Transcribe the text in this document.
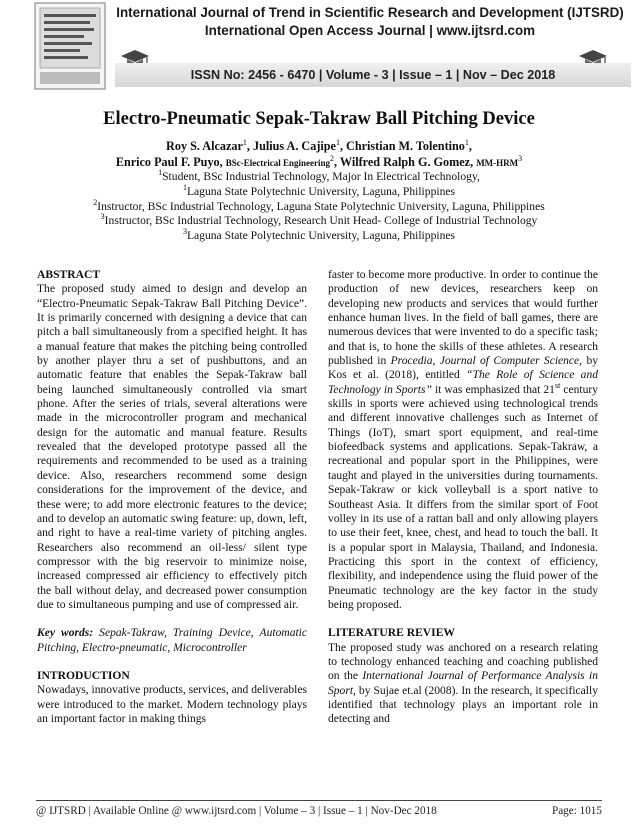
International Journal of Trend in Scientific Research and Development (IJTSRD)
International Open Access Journal | www.ijtsrd.com
ISSN No: 2456 - 6470 | Volume - 3 | Issue – 1 | Nov – Dec 2018
Electro-Pneumatic Sepak-Takraw Ball Pitching Device
Roy S. Alcazar$^1$, Julius A. Cajipe$^1$, Christian M. Tolentino$^1$,
Enrico Paul F. Puyo, BSc-Electrical Engineering$^2$, Wilfred Ralph G. Gomez, MM-HRM$^3$
$^1$Student, BSc Industrial Technology, Major In Electrical Technology,
$^1$Laguna State Polytechnic University, Laguna, Philippines
$^2$Instructor, BSc Industrial Technology, Laguna State Polytechnic University, Laguna, Philippines
$^3$Instructor, BSc Industrial Technology, Research Unit Head- College of Industrial Technology
$^3$Laguna State Polytechnic University, Laguna, Philippines

ABSTRACT

The proposed study aimed to design and develop an “Electro-Pneumatic Sepak-Takraw Ball Pitching Device”. It is primarily concerned with designing a device that can pitch a ball simultaneously from a specified height. It has a manual feature that makes the pitching being controlled by another player thru a set of pushbuttons, and an automatic feature that enables the Sepak-Takraw ball being launched simultaneously controlled via smart phone. After the series of trials, several alterations were made in the microcontroller program and mechanical design for the automatic and manual feature. Results revealed that the developed prototype passed all the requirements and recommended to be used as a training device. Also, researchers recommend some design considerations for the improvement of the device, and these were; to add more electronic features to the device; and to develop an automatic swing feature: up, down, left, and right to have a real-time variety of pitching angles. Researchers also recommend an oil-less/ silent type compressor with the big reservoir to minimize noise, increased compressed air efficiency to effectively pitch the ball without delay, and decreased power consumption due to simultaneous pumping and use of compressed air.

Key words: Sepak-Takraw, Training Device, Automatic Pitching, Electro-pneumatic, Microcontroller

INTRODUCTION

Nowadays, innovative products, services, and deliverables were introduced to the market. Modern technology plays an important factor in making things

faster to become more productive. In order to continue the production of new devices, researchers keep on developing new products and services that would further enhance human lives. In the field of ball games, there are numerous devices that were invented to do a specific task; and that is, to hone the skills of these athletes. A research published in Procedia, Journal of Computer Science, by Kos et al. (2018), entitled “The Role of Science and Technology in Sports” it was emphasized that 21st century skills in sports were achieved using technological trends and different innovative challenges such as Internet of Things (IoT), smart sport equipment, and real-time biofeedback systems and applications. Sepak-Takraw, a recreational and popular sport in the Philippines, were taught and played in the universities during tournaments. Sepak-Takraw or kick volleyball is a sport native to Southeast Asia. It differs from the similar sport of Foot volley in its use of a rattan ball and only allowing players to use their feet, knee, chest, and head to touch the ball. It is a popular sport in Malaysia, Thailand, and Indonesia. Practicing this sport in the context of efficiency, flexibility, and independence using the fluid power of the Pneumatic technology are the key factor in the study being proposed.

LITERATURE REVIEW

The proposed study was anchored on a research relating to technology enhanced teaching and coaching published on the International Journal of Performance Analysis in Sport, by Sujae et.al (2008). In the research, it specifically identified that technology plays an important role in detecting and

@ IJTSRD | Available Online @ www.ijtsrd.com | Volume – 3 | Issue – 1 | Nov-Dec 2018	Page: 1015
